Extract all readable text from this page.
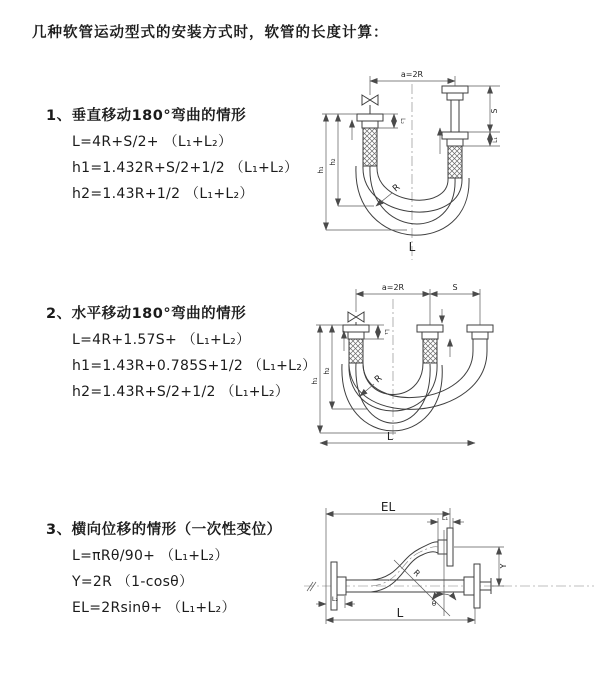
几种软管运动型式的安装方式时，软管的长度计算：
1、垂直移动180°弯曲的情形
L=4R+S/2+ （L₁+L₂）
h1=1.432R+S/2+1/2 （L₁+L₂）
h2=1.43R+1/2 （L₁+L₂）
2、水平移动180°弯曲的情形
L=4R+1.57S+ （L₁+L₂）
h1=1.43R+0.785S+1/2 （L₁+L₂）
h2=1.43R+S/2+1/2 （L₁+L₂）
3、横向位移的情形（一次性变位）
L=πRθ/90+ （L₁+L₂）
Y=2R （1-cosθ）
EL=2Rsinθ+ （L₁+L₂）
a=2R
S
L₁
L₂
h₁
h₂
R
L
a=2R	S
L₁
h₁
h₂
R
L
EL
L₁
Y
R
θ
L₂
L
